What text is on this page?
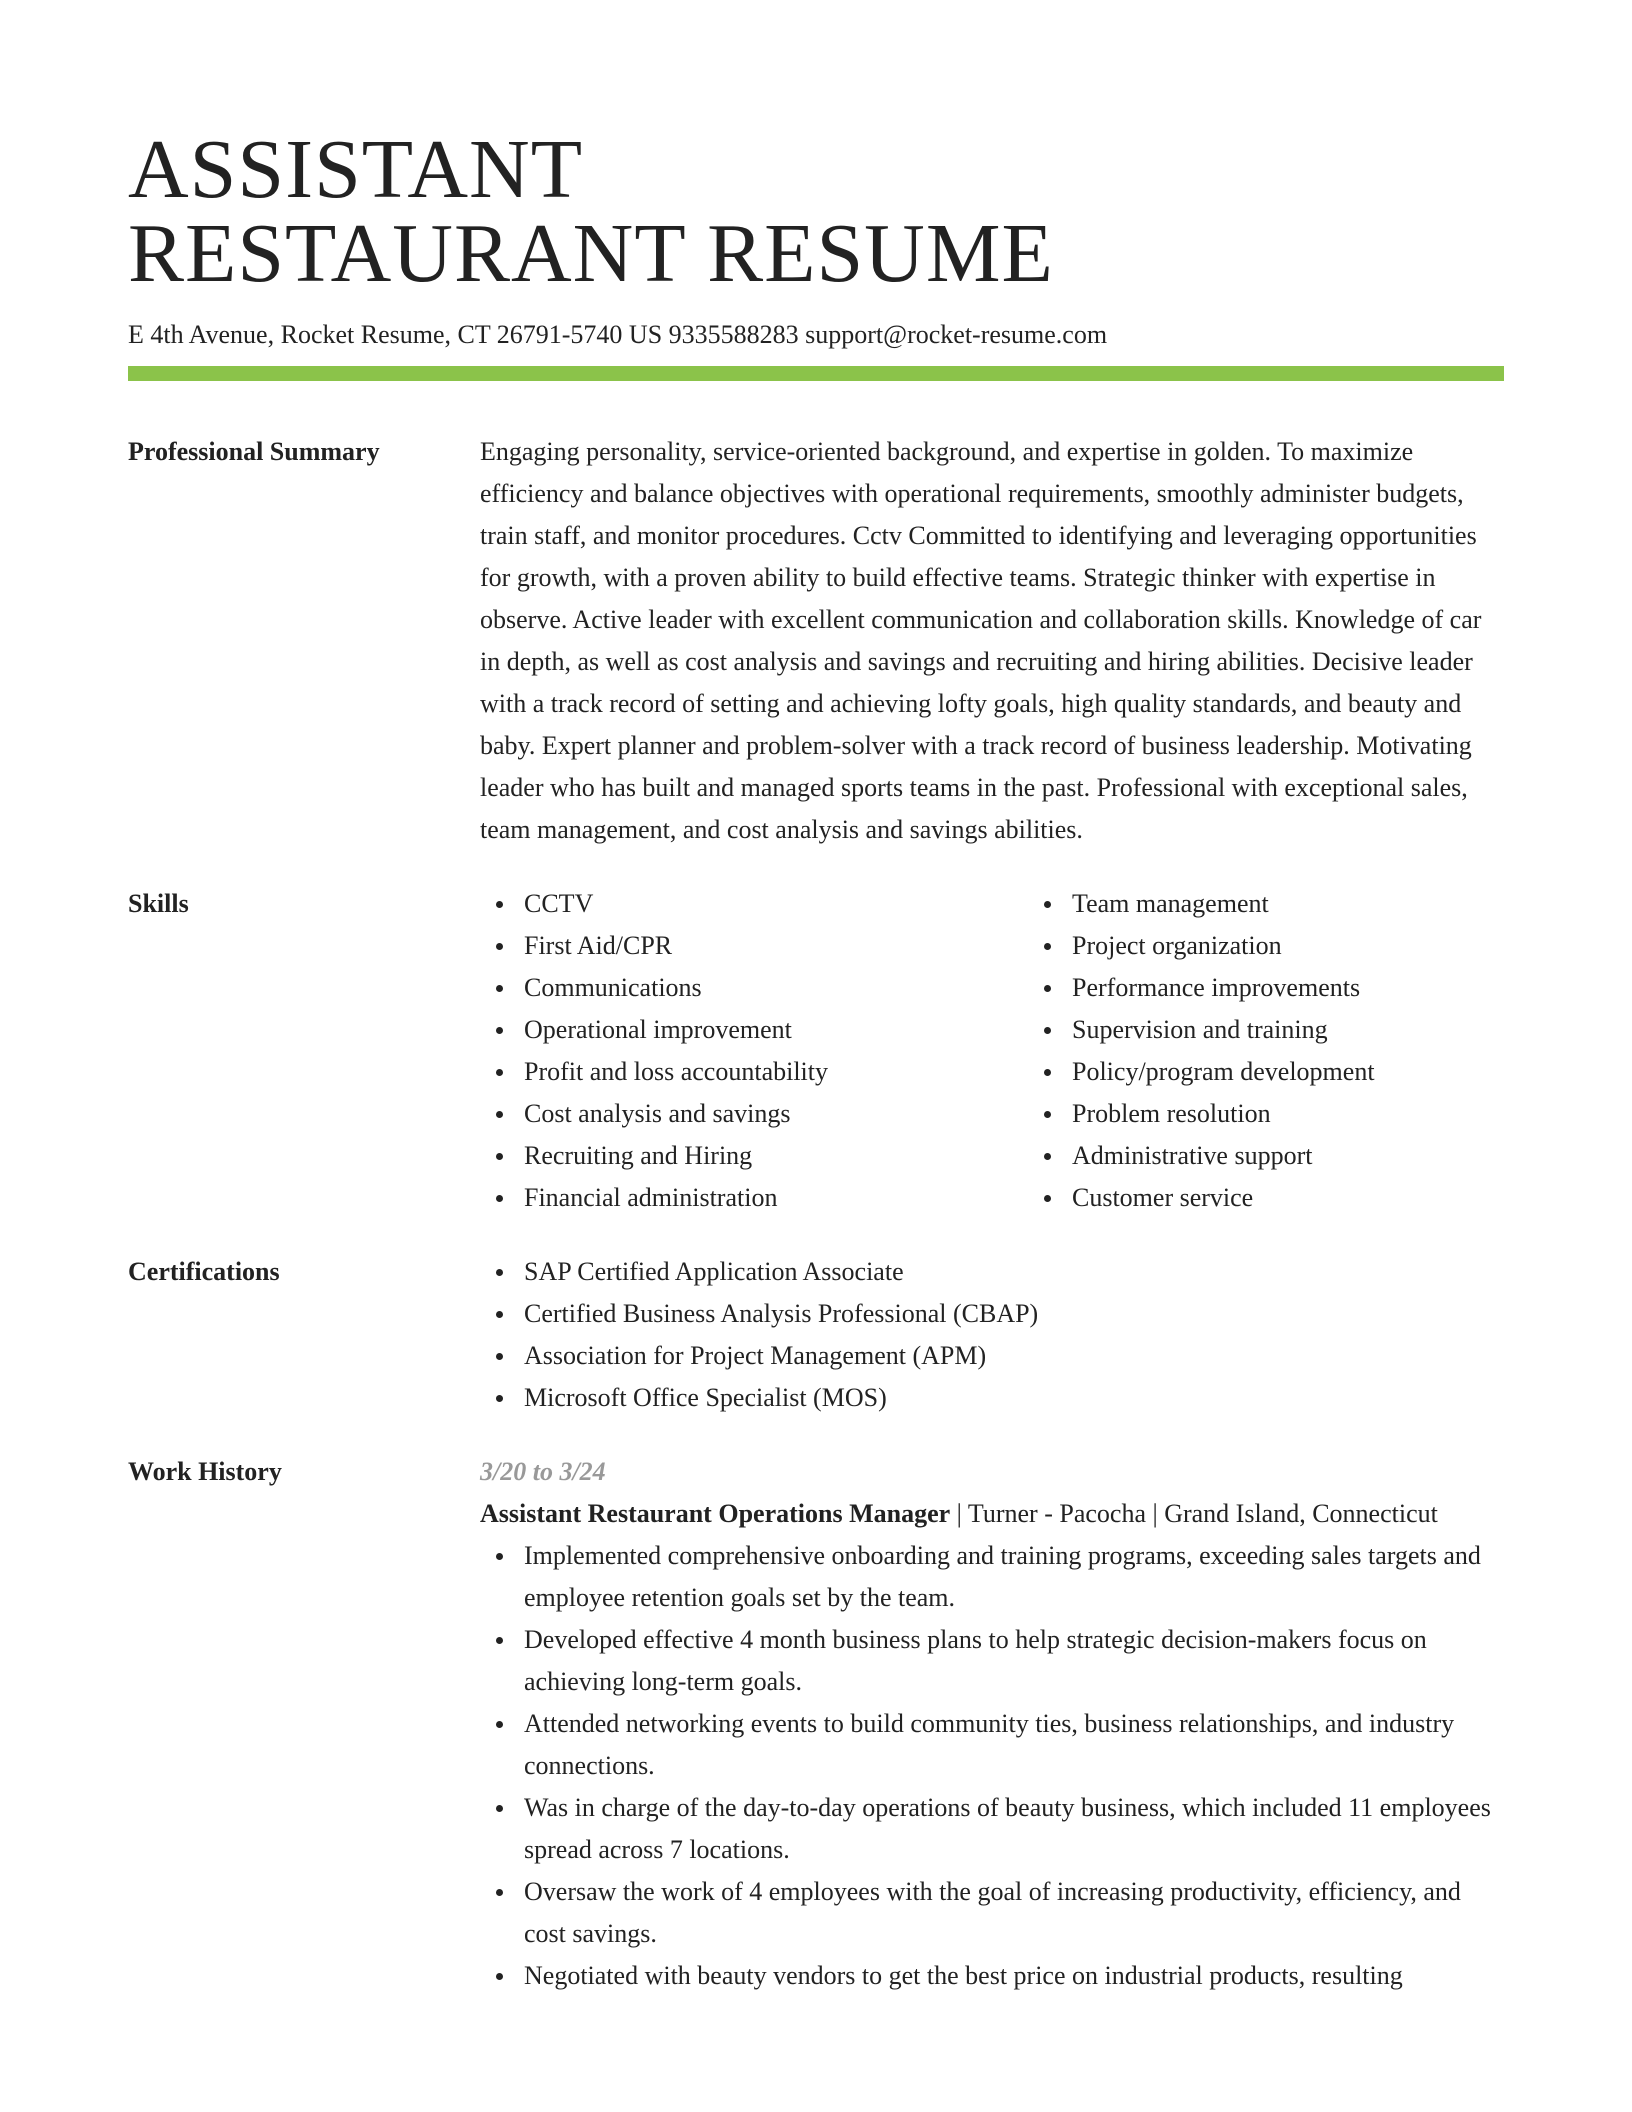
ASSISTANT
RESTAURANT RESUME
E 4th Avenue, Rocket Resume, CT 26791-5740 US 9335588283 support@rocket-resume.com
Professional Summary	Engaging personality, service-oriented background, and expertise in golden. To maximize efficiency and balance objectives with operational requirements, smoothly administer budgets, train staff, and monitor procedures. Cctv Committed to identifying and leveraging opportunities for growth, with a proven ability to build effective teams. Strategic thinker with expertise in observe. Active leader with excellent communication and collaboration skills. Knowledge of car in depth, as well as cost analysis and savings and recruiting and hiring abilities. Decisive leader with a track record of setting and achieving lofty goals, high quality standards, and beauty and baby. Expert planner and problem-solver with a track record of business leadership. Motivating leader who has built and managed sports teams in the past. Professional with exceptional sales, team management, and cost analysis and savings abilities.
Skills	CCTV
First Aid/CPR
Communications
Operational improvement
Profit and loss accountability
Cost analysis and savings
Recruiting and Hiring
Financial administration
Team management
Project organization
Performance improvements
Supervision and training
Policy/program development
Problem resolution
Administrative support
Customer service
Certifications	SAP Certified Application Associate
Certified Business Analysis Professional (CBAP)
Association for Project Management (APM)
Microsoft Office Specialist (MOS)
Work History	3/20 to 3/24
Assistant Restaurant Operations Manager | Turner - Pacocha | Grand Island, Connecticut
Implemented comprehensive onboarding and training programs, exceeding sales targets and employee retention goals set by the team.
Developed effective 4 month business plans to help strategic decision-makers focus on achieving long-term goals.
Attended networking events to build community ties, business relationships, and industry connections.
Was in charge of the day-to-day operations of beauty business, which included 11 employees spread across 7 locations.
Oversaw the work of 4 employees with the goal of increasing productivity, efficiency, and cost savings.
Negotiated with beauty vendors to get the best price on industrial products, resulting
